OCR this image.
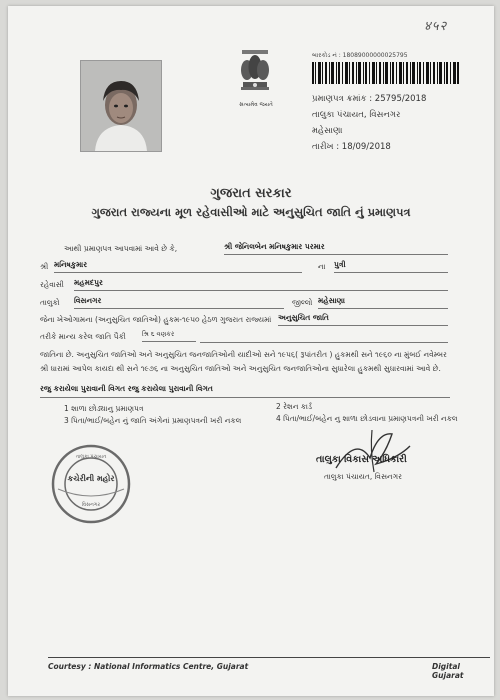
४५२
સત્યમેવ જયતે
બારકોડ નં : 18089000000025795
પ્રમાણપત્ર ક્રમાંક : 25795/2018
તાલુકા પંચાયત, વિસનગર
મહેસાણા
તારીખ : 18/09/2018
ગુજરાત સરકાર
ગુજરાત રાજ્યના મૂળ રહેવાસીઓ માટે અનુસુચિત જાતિ નું પ્રમાણપત્ર
આથી પ્રમાણપત્ર આપવામાં આવે છે કે,	શ્રી જેનિલબેન મનિષકુમાર પરમાર
શ્રી મનિષકુમાર	ના પુત્રી
રહેવાસી મહમદપુર
તાલુકો વિસનગર	જીલ્લો મહેસાણા
જેના ખેઓગામના (અનુસુચિત જાતિઓ) હુકમ-૧૯૫૦ હેઠળ ગુજરાત રાજ્યમાં અનુસુચિત જાતિ
તરીકે માન્ય કરેલ જાતિ પૈકી શ્રિ ૬ વણકર
જાતિના છે. અનુસુચિત જાતિઓ અને અનુસુચિત જનજાતિઓની યાદીઓ સને ૧૯૫૬( રૂપાંતરીત ) હુકમથી સને ૧૯૬૦ ના મુંબઈ નવેમ્બર
શ્રી ધારામાં આપેલ કાયદા થી સને ૧૯૭૬ ના અનુસુચિત જાતિઓ અને અનુસુચિત જનજાતિઓના સુધારેલા હુકમથી સુધારવામાં આવે છે.
રજુ કરાયેલા પુરાવાની વિગત રજુ કરાયેલા પુરાવાની વિગત
1 શાળા છોડ્યાનુ પ્રમાણપત્ર	2 રેશન કાર્ડ
3 પિતા/ભાઈ/બહેન નું જાતિ અંગેનાં પ્રમાણપત્રની ખરી નકલ	4 પિતા/ભાઈ/બહેન નુ શાળા છોડવાના પ્રમાણપત્રની ખરી નકલ
કચેરીની મહોર
તાલુકા પંચાયત
વિસનગર
તાલુકા વિકાસ અધિકારી
તાલુકા પંચાયત, વિસનગર
Courtesy : National Informatics Centre, Gujarat	Digital Gujarat
